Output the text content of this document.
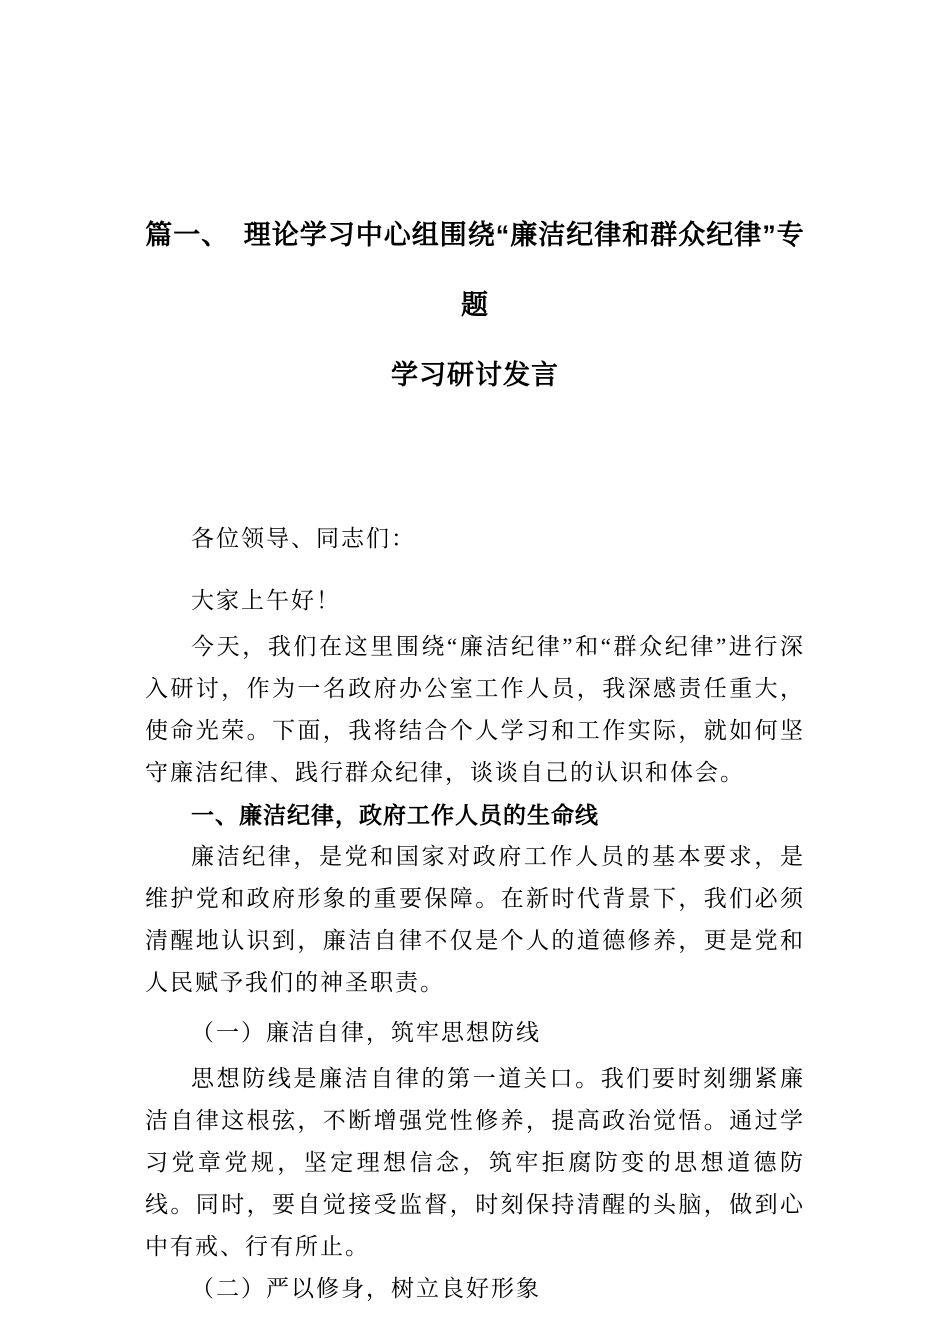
篇一、　理论学习中心组围绕“廉洁纪律和群众纪律”专题
学习研讨发言

各位领导、同志们：

大家上午好！

今天，我们在这里围绕“廉洁纪律”和“群众纪律”进行深入研讨，作为一名政府办公室工作人员，我深感责任重大，使命光荣。下面，我将结合个人学习和工作实际，就如何坚守廉洁纪律、践行群众纪律，谈谈自己的认识和体会。

一、廉洁纪律，政府工作人员的生命线

廉洁纪律，是党和国家对政府工作人员的基本要求，是维护党和政府形象的重要保障。在新时代背景下，我们必须清醒地认识到，廉洁自律不仅是个人的道德修养，更是党和人民赋予我们的神圣职责。

（一）廉洁自律，筑牢思想防线

思想防线是廉洁自律的第一道关口。我们要时刻绷紧廉洁自律这根弦，不断增强党性修养，提高政治觉悟。通过学习党章党规，坚定理想信念，筑牢拒腐防变的思想道德防线。同时，要自觉接受监督，时刻保持清醒的头脑，做到心中有戒、行有所止。

（二）严以修身，树立良好形象
